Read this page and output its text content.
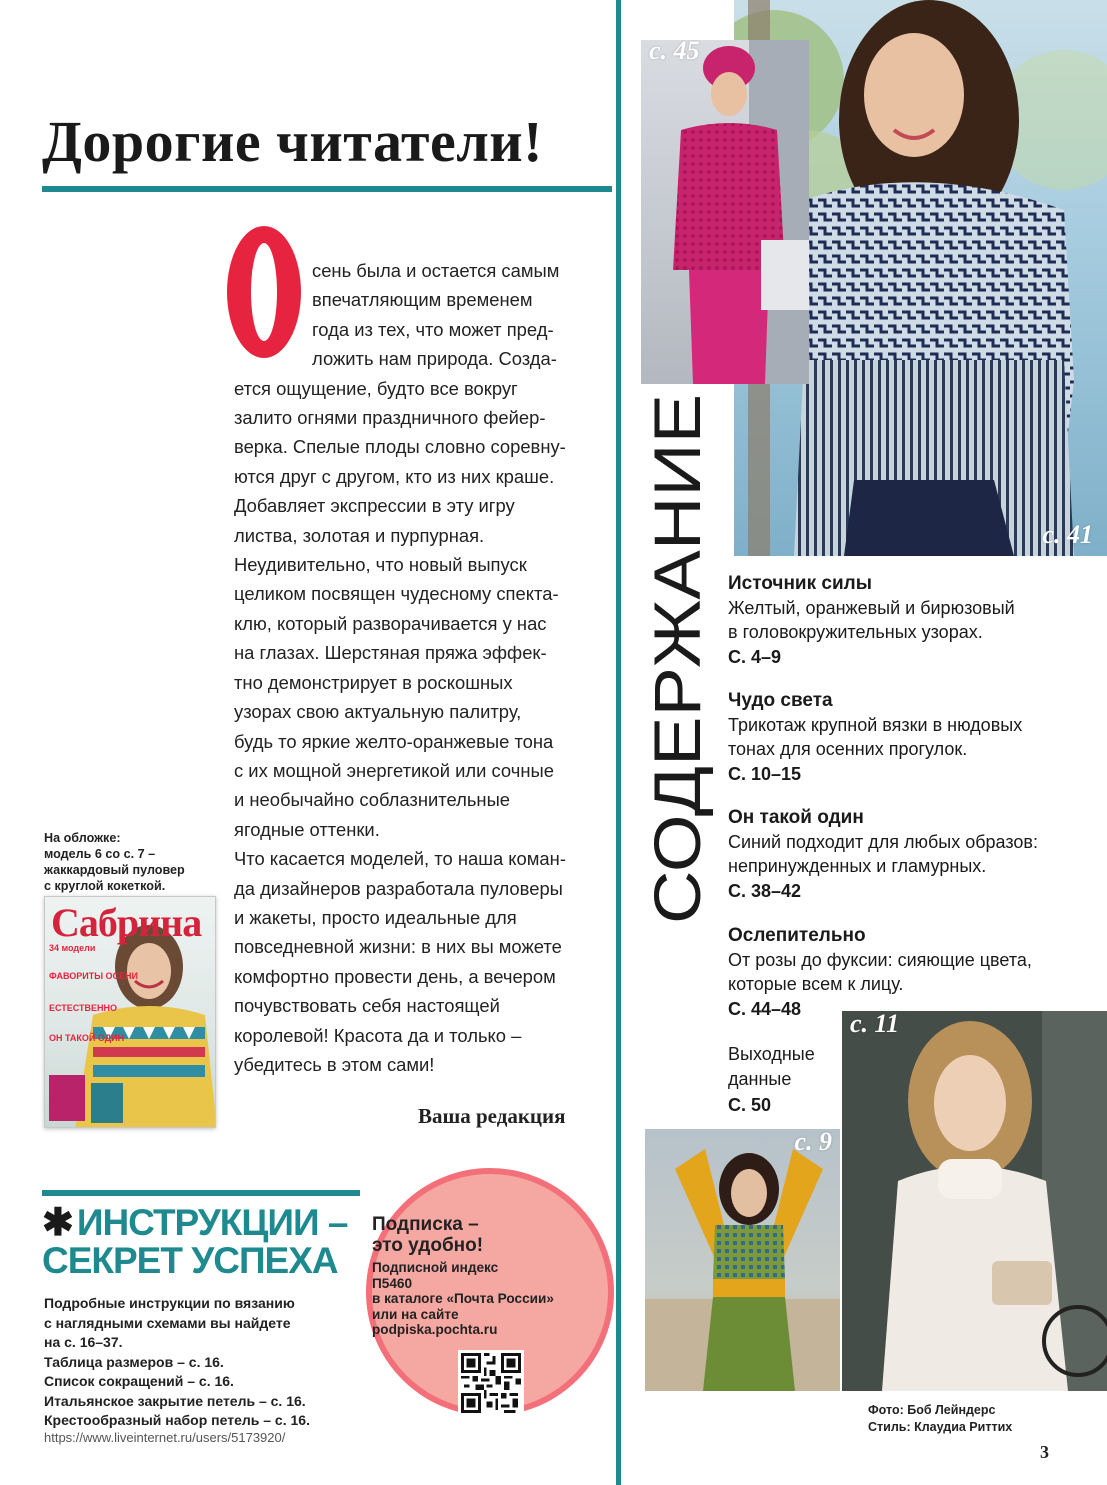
Дорогие читатели!
сень была и остается самым
впечатляющим временем
года из тех, что может пред-
ложить нам природа. Созда-
ется ощущение, будто все вокруг
залито огнями праздничного фейер-
верка. Спелые плоды словно соревну-
ются друг с другом, кто из них краше.
Добавляет экспрессии в эту игру
листва, золотая и пурпурная.
Неудивительно, что новый выпуск
целиком посвящен чудесному спекта-
клю, который разворачивается у нас
на глазах. Шерстяная пряжа эффек-
тно демонстрирует в роскошных
узорах свою актуальную палитру,
будь то яркие желто-оранжевые тона
с их мощной энергетикой или сочные
и необычайно соблазнительные
ягодные оттенки.
Что касается моделей, то наша коман-
да дизайнеров разработала пуловеры
и жакеты, просто идеальные для
повседневной жизни: в них вы можете
комфортно провести день, а вечером
почувствовать себя настоящей
королевой! Красота да и только –
убедитесь в этом сами!
Ваша редакция
На обложке:
модель 6 со с. 7 –
жаккардовый пуловер
с круглой кокеткой.
Сабрина
34 модели
ФАВОРИТЫ ОСЕНИ
ЕСТЕСТВЕННО
ОН ТАКОЙ ОДИН
✱ ИНСТРУКЦИИ –
СЕКРЕТ УСПЕХА
Подробные инструкции по вязанию
с наглядными схемами вы найдете
на с. 16–37.
Таблица размеров – с. 16.
Список сокращений – с. 16.
Итальянское закрытие петель – с. 16.
Крестообразный набор петель – с. 16.
https://www.liveinternet.ru/users/5173920/
Подписка –
это удобно!
Подписной индекс
П5460
в каталоге «Почта России»
или на сайте
podpiska.pochta.ru
с. 41
с. 45
СОДЕРЖАНИЕ Источник силы
Желтый, оранжевый и бирюзовый
в головокружительных узорах.
С. 4–9
Чудо света
Трикотаж крупной вязки в нюдовых
тонах для осенних прогулок.
С. 10–15
Он такой один
Синий подходит для любых образов:
непринужденных и гламурных.
С. 38–42
Ослепительно
От розы до фуксии: сияющие цвета,
которые всем к лицу.
С. 44–48
Выходные
данные
С. 50
с. 11
с. 9
Фото: Боб Лейндерс
Стиль: Клаудиа Риттих
3
